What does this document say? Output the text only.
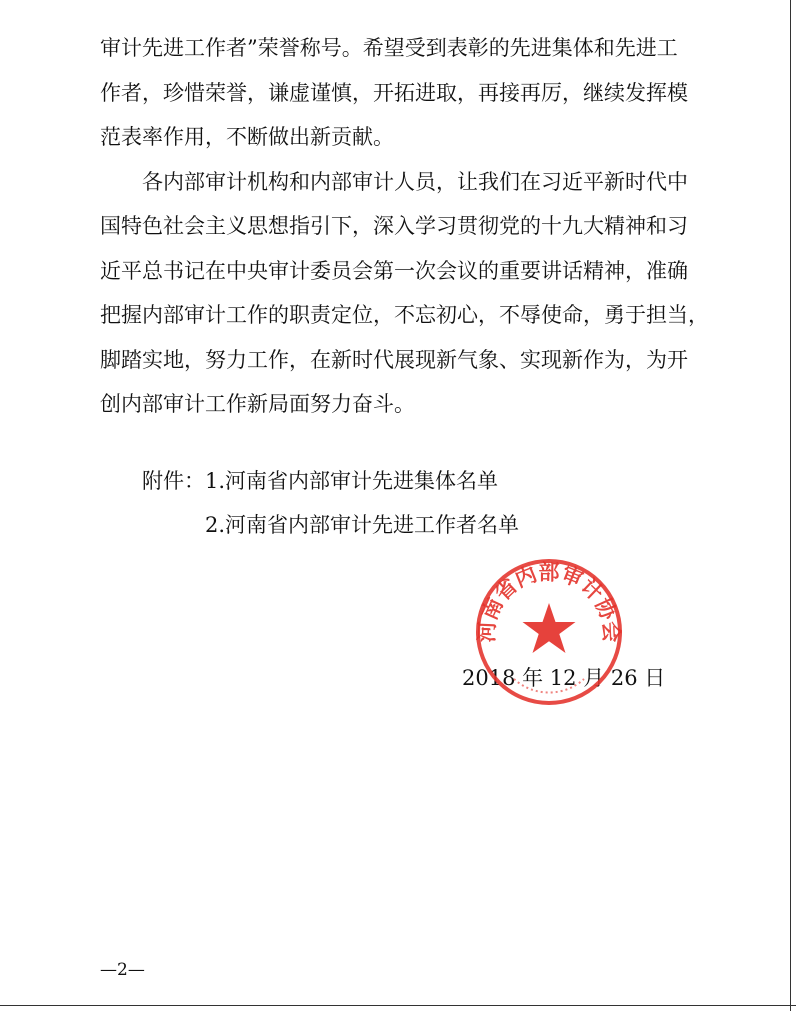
审计先进工作者”荣誉称号。希望受到表彰的先进集体和先进工
作者，珍惜荣誉，谦虚谨慎，开拓进取，再接再厉，继续发挥模
范表率作用，不断做出新贡献。
各内部审计机构和内部审计人员，让我们在习近平新时代中
国特色社会主义思想指引下，深入学习贯彻党的十九大精神和习
近平总书记在中央审计委员会第一次会议的重要讲话精神，准确
把握内部审计工作的职责定位，不忘初心，不辱使命，勇于担当，
脚踏实地，努力工作，在新时代展现新气象、实现新作为，为开
创内部审计工作新局面努力奋斗。
附件：1.河南省内部审计先进集体名单
2.河南省内部审计先进工作者名单
2018 年 12 月 26 日
河南省内部审计协会
—2—
